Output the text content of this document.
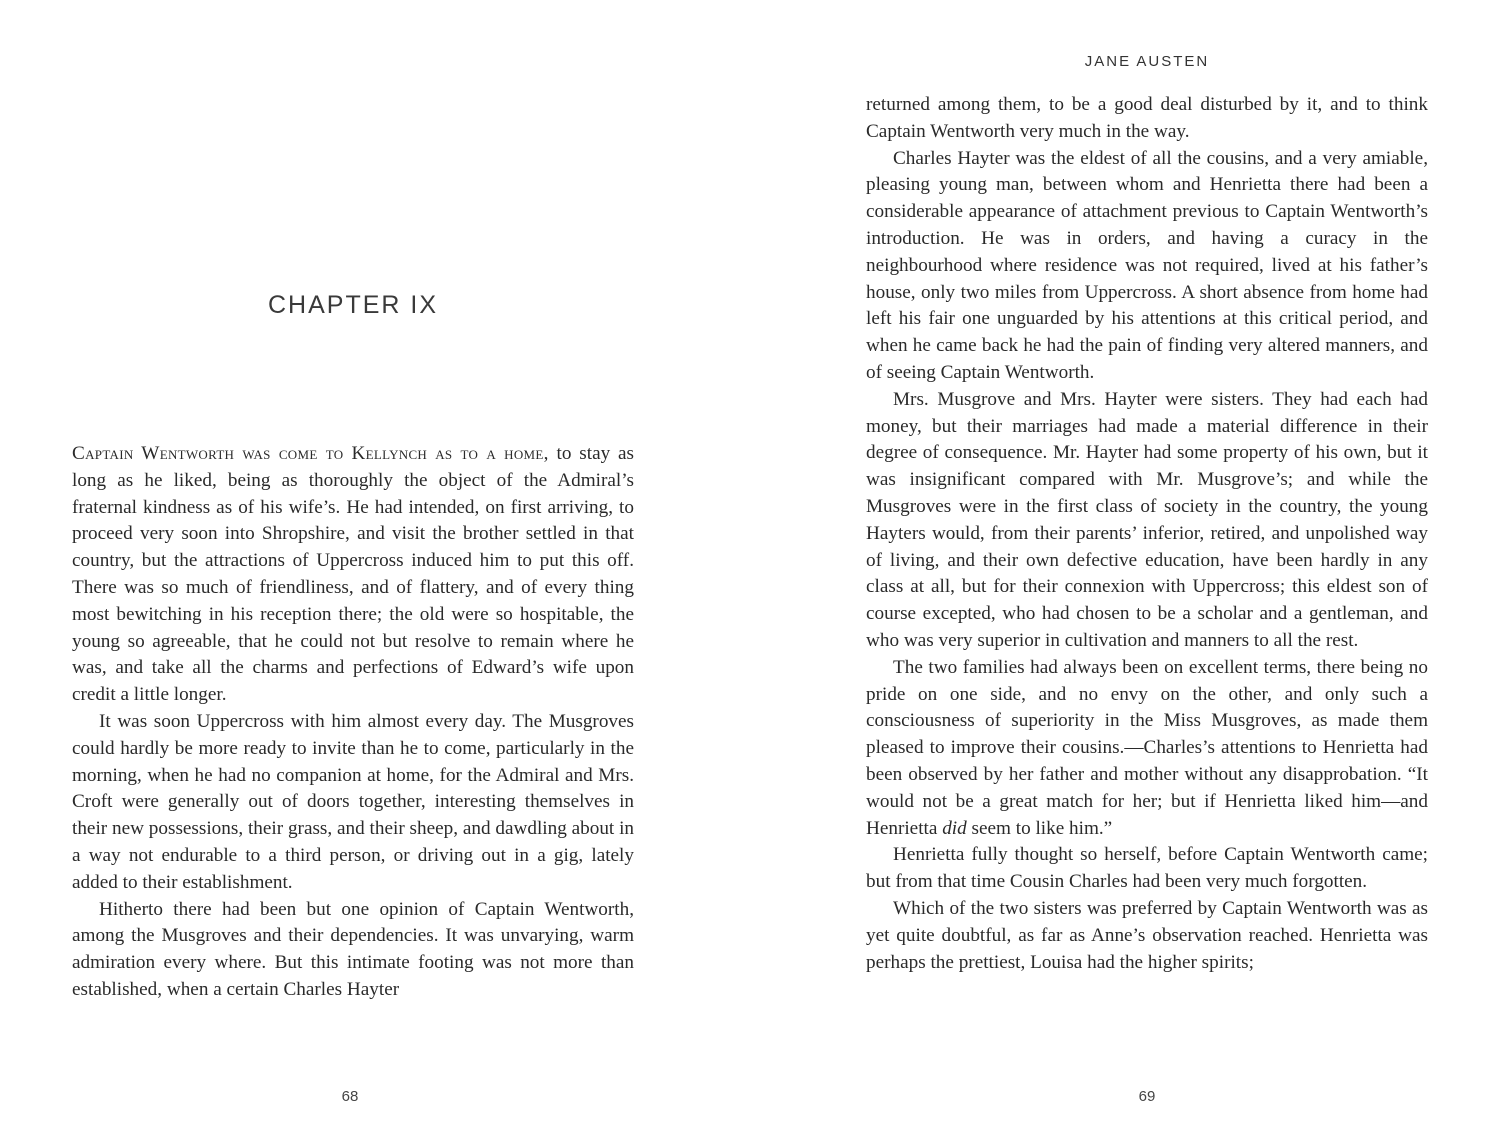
CHAPTER IX

Captain Wentworth was come to Kellynch as to a home, to stay as long as he liked, being as thoroughly the object of the Admiral’s fraternal kindness as of his wife’s. He had intended, on first arriving, to proceed very soon into Shropshire, and visit the brother settled in that country, but the attractions of Uppercross induced him to put this off. There was so much of friendliness, and of flattery, and of every thing most bewitching in his reception there; the old were so hospitable, the young so agreeable, that he could not but resolve to remain where he was, and take all the charms and perfections of Edward’s wife upon credit a little longer.

It was soon Uppercross with him almost every day. The Musgroves could hardly be more ready to invite than he to come, particularly in the morning, when he had no companion at home, for the Admiral and Mrs. Croft were generally out of doors together, interesting themselves in their new possessions, their grass, and their sheep, and dawdling about in a way not endurable to a third person, or driving out in a gig, lately added to their establishment.

Hitherto there had been but one opinion of Captain Wentworth, among the Musgroves and their dependencies. It was unvarying, warm admiration every where. But this intimate footing was not more than established, when a certain Charles Hayter

68
JANE AUSTEN

returned among them, to be a good deal disturbed by it, and to think Captain Wentworth very much in the way.

Charles Hayter was the eldest of all the cousins, and a very amiable, pleasing young man, between whom and Henrietta there had been a considerable appearance of attachment previous to Captain Wentworth’s introduction. He was in orders, and having a curacy in the neighbourhood where residence was not required, lived at his father’s house, only two miles from Uppercross. A short absence from home had left his fair one unguarded by his attentions at this critical period, and when he came back he had the pain of finding very altered manners, and of seeing Captain Wentworth.

Mrs. Musgrove and Mrs. Hayter were sisters. They had each had money, but their marriages had made a material difference in their degree of consequence. Mr. Hayter had some property of his own, but it was insignificant compared with Mr. Musgrove’s; and while the Musgroves were in the first class of society in the country, the young Hayters would, from their parents’ inferior, retired, and unpolished way of living, and their own defective education, have been hardly in any class at all, but for their connexion with Uppercross; this eldest son of course excepted, who had chosen to be a scholar and a gentleman, and who was very superior in cultivation and manners to all the rest.

The two families had always been on excellent terms, there being no pride on one side, and no envy on the other, and only such a consciousness of superiority in the Miss Musgroves, as made them pleased to improve their cousins.—Charles’s attentions to Henrietta had been observed by her father and mother without any disapprobation. “It would not be a great match for her; but if Henrietta liked him—and Henrietta did seem to like him.”

Henrietta fully thought so herself, before Captain Wentworth came; but from that time Cousin Charles had been very much forgotten.

Which of the two sisters was preferred by Captain Wentworth was as yet quite doubtful, as far as Anne’s observation reached. Henrietta was perhaps the prettiest, Louisa had the higher spirits;

69
